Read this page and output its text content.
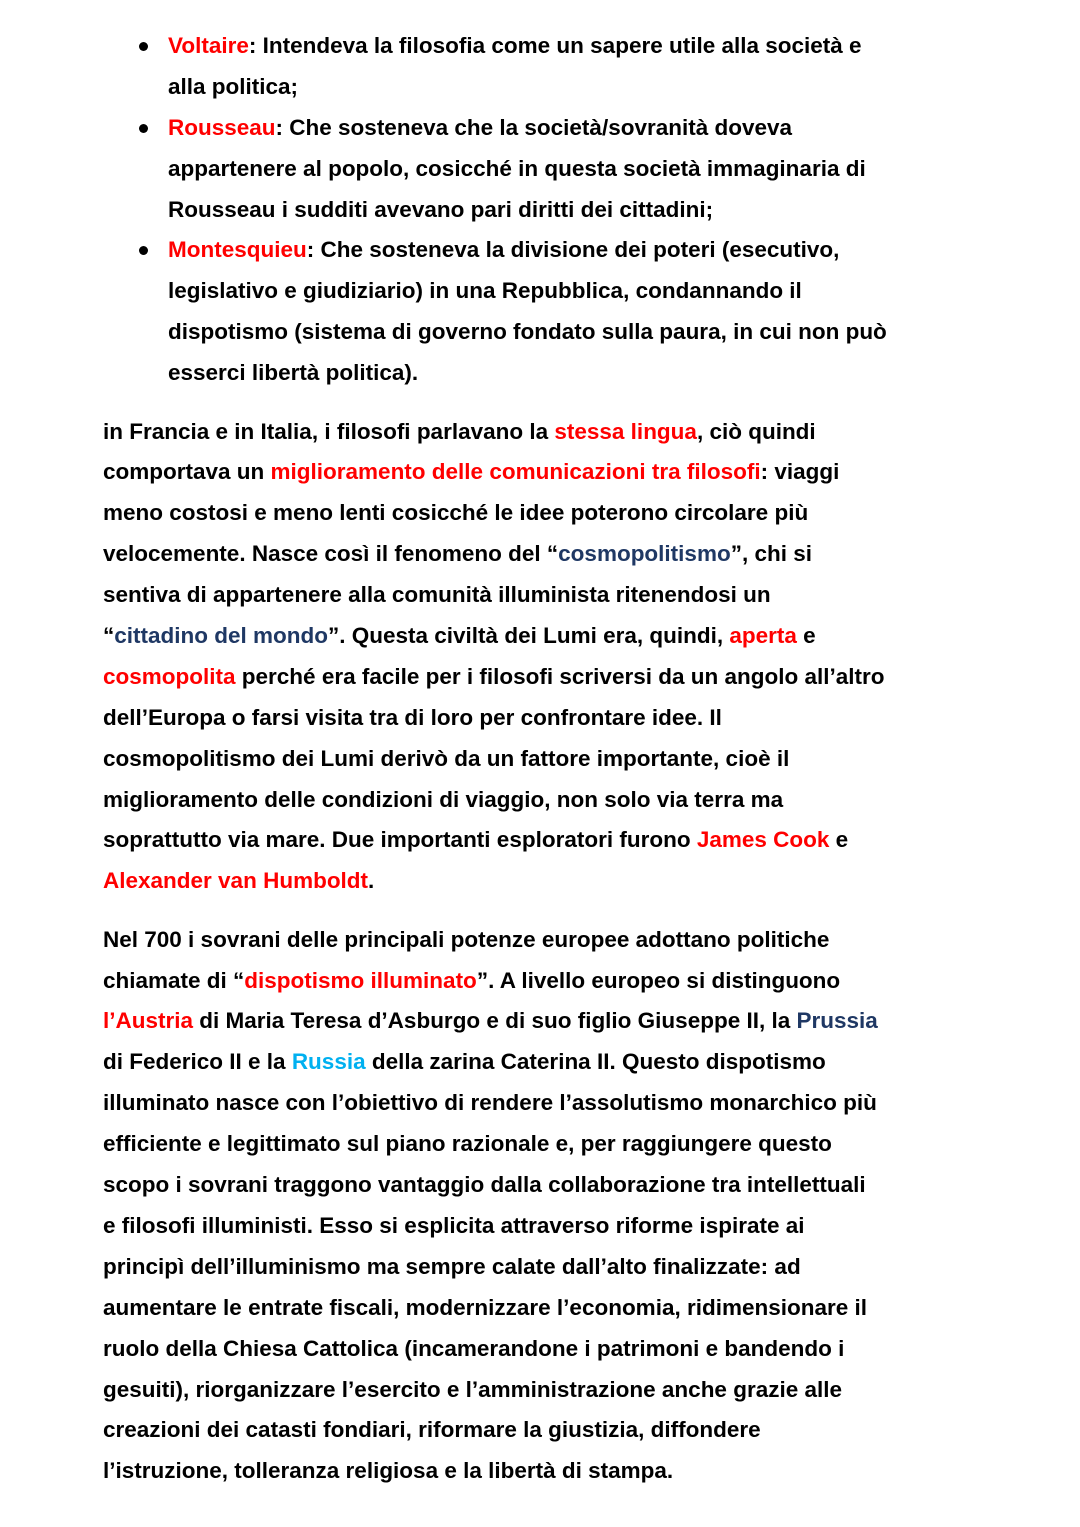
Voltaire: Intendeva la filosofia come un sapere utile alla società e
alla politica;
Rousseau: Che sosteneva che la società/sovranità doveva
appartenere al popolo, cosicché in questa società immaginaria di
Rousseau i sudditi avevano pari diritti dei cittadini;
Montesquieu: Che sosteneva la divisione dei poteri (esecutivo,
legislativo e giudiziario) in una Repubblica, condannando il
dispotismo (sistema di governo fondato sulla paura, in cui non può
esserci libertà politica).
in Francia e in Italia, i filosofi parlavano la stessa lingua, ciò quindi
comportava un miglioramento delle comunicazioni tra filosofi: viaggi
meno costosi e meno lenti cosicché le idee poterono circolare più
velocemente. Nasce così il fenomeno del “cosmopolitismo”, chi si
sentiva di appartenere alla comunità illuminista ritenendosi un
“cittadino del mondo”. Questa civiltà dei Lumi era, quindi, aperta e
cosmopolita perché era facile per i filosofi scriversi da un angolo all’altro
dell’Europa o farsi visita tra di loro per confrontare idee. Il
cosmopolitismo dei Lumi derivò da un fattore importante, cioè il
miglioramento delle condizioni di viaggio, non solo via terra ma
soprattutto via mare. Due importanti esploratori furono James Cook e
Alexander van Humboldt.
Nel 700 i sovrani delle principali potenze europee adottano politiche
chiamate di “dispotismo illuminato”. A livello europeo si distinguono
l’Austria di Maria Teresa d’Asburgo e di suo figlio Giuseppe II, la Prussia
di Federico II e la Russia della zarina Caterina II. Questo dispotismo
illuminato nasce con l’obiettivo di rendere l’assolutismo monarchico più
efficiente e legittimato sul piano razionale e, per raggiungere questo
scopo i sovrani traggono vantaggio dalla collaborazione tra intellettuali
e filosofi illuministi. Esso si esplicita attraverso riforme ispirate ai
principì dell’illuminismo ma sempre calate dall’alto finalizzate: ad
aumentare le entrate fiscali, modernizzare l’economia, ridimensionare il
ruolo della Chiesa Cattolica (incamerandone i patrimoni e bandendo i
gesuiti), riorganizzare l’esercito e l’amministrazione anche grazie alle
creazioni dei catasti fondiari, riformare la giustizia, diffondere
l’istruzione, tolleranza religiosa e la libertà di stampa.
